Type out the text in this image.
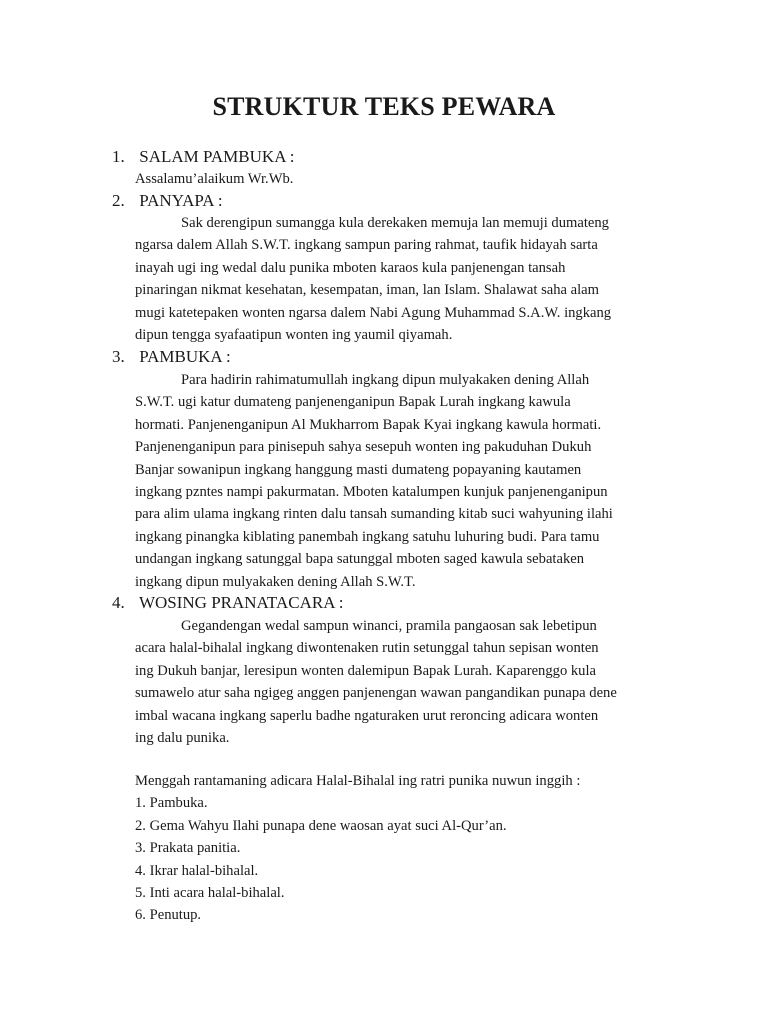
STRUKTUR TEKS PEWARA
1. SALAM PAMBUKA :
Assalamu’alaikum Wr.Wb.
2. PANYAPA :
Sak derengipun sumangga kula derekaken memuja lan memuji dumateng
ngarsa dalem Allah S.W.T. ingkang sampun paring rahmat, taufik hidayah sarta
inayah ugi ing wedal dalu punika mboten karaos kula panjenengan tansah
pinaringan nikmat kesehatan, kesempatan, iman, lan Islam. Shalawat saha alam
mugi katetepaken wonten ngarsa dalem Nabi Agung Muhammad S.A.W. ingkang
dipun tengga syafaatipun wonten ing yaumil qiyamah.
3. PAMBUKA :
Para hadirin rahimatumullah ingkang dipun mulyakaken dening Allah
S.W.T. ugi katur dumateng panjenenganipun Bapak Lurah ingkang kawula
hormati. Panjenenganipun Al Mukharrom Bapak Kyai ingkang kawula hormati.
Panjenenganipun para pinisepuh sahya sesepuh wonten ing pakuduhan Dukuh
Banjar sowanipun ingkang hanggung masti dumateng popayaning kautamen
ingkang pzntes nampi pakurmatan. Mboten katalumpen kunjuk panjenenganipun
para alim ulama ingkang rinten dalu tansah sumanding kitab suci wahyuning ilahi
ingkang pinangka kiblating panembah ingkang satuhu luhuring budi. Para tamu
undangan ingkang satunggal bapa satunggal mboten saged kawula sebataken
ingkang dipun mulyakaken dening Allah S.W.T.
4. WOSING PRANATACARA :
Gegandengan wedal sampun winanci, pramila pangaosan sak lebetipun
acara halal-bihalal ingkang diwontenaken rutin setunggal tahun sepisan wonten
ing Dukuh banjar, leresipun wonten dalemipun Bapak Lurah. Kaparenggo kula
sumawelo atur saha ngigeg anggen panjenengan wawan pangandikan punapa dene
imbal wacana ingkang saperlu badhe ngaturaken urut reroncing adicara wonten
ing dalu punika.
Menggah rantamaning adicara Halal-Bihalal ing ratri punika nuwun inggih :
1. Pambuka.
2. Gema Wahyu Ilahi punapa dene waosan ayat suci Al-Qur’an.
3. Prakata panitia.
4. Ikrar halal-bihalal.
5. Inti acara halal-bihalal.
6. Penutup.
